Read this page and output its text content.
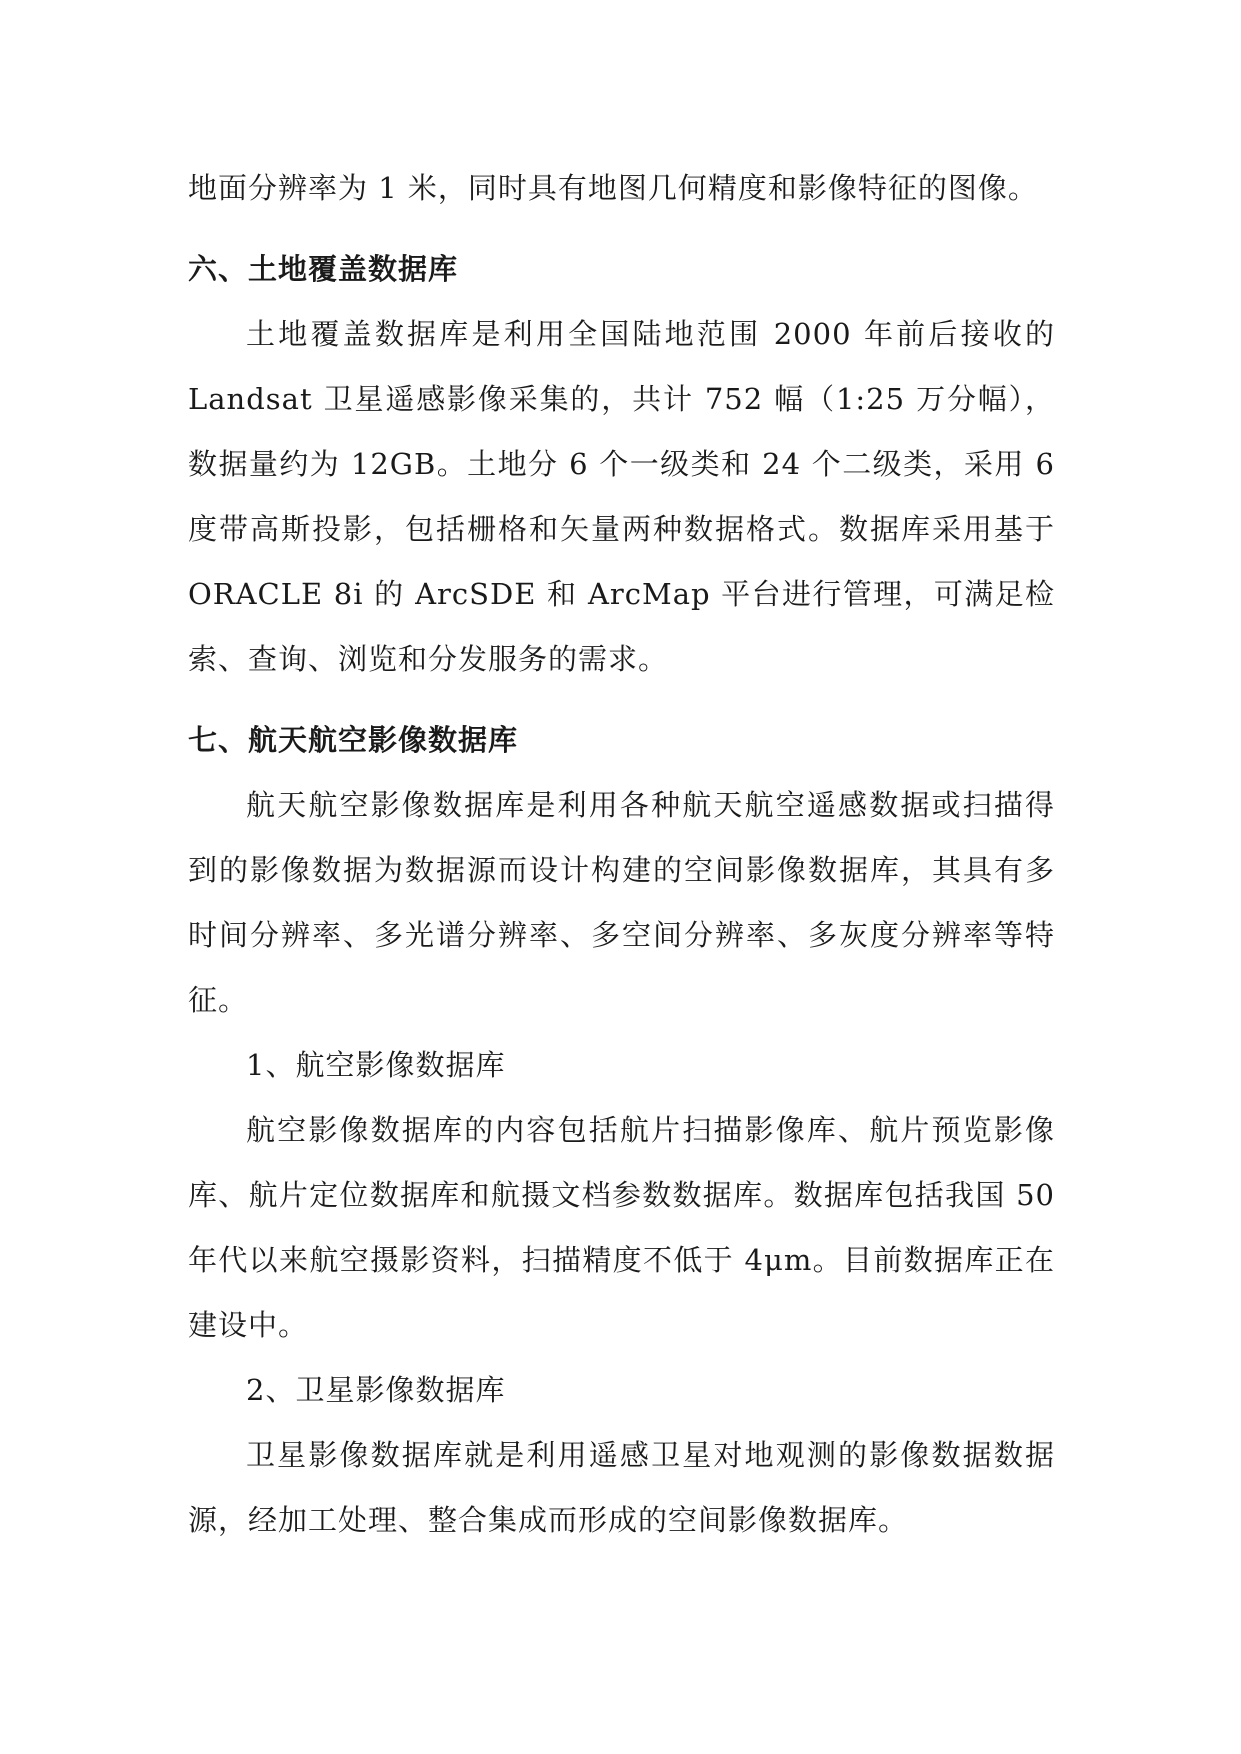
地面分辨率为 1 米，同时具有地图几何精度和影像特征的图像。

六、土地覆盖数据库

土地覆盖数据库是利用全国陆地范围 2000 年前后接收的 Landsat 卫星遥感影像采集的，共计 752 幅（1:25 万分幅），数据量约为 12GB。土地分 6 个一级类和 24 个二级类，采用 6 度带高斯投影，包括栅格和矢量两种数据格式。数据库采用基于 ORACLE 8i 的 ArcSDE 和 ArcMap 平台进行管理，可满足检索、查询、浏览和分发服务的需求。

七、航天航空影像数据库

航天航空影像数据库是利用各种航天航空遥感数据或扫描得到的影像数据为数据源而设计构建的空间影像数据库，其具有多时间分辨率、多光谱分辨率、多空间分辨率、多灰度分辨率等特征。

1、航空影像数据库

航空影像数据库的内容包括航片扫描影像库、航片预览影像库、航片定位数据库和航摄文档参数数据库。数据库包括我国 50 年代以来航空摄影资料，扫描精度不低于 4μm。目前数据库正在建设中。

2、卫星影像数据库

卫星影像数据库就是利用遥感卫星对地观测的影像数据数据源，经加工处理、整合集成而形成的空间影像数据库。
